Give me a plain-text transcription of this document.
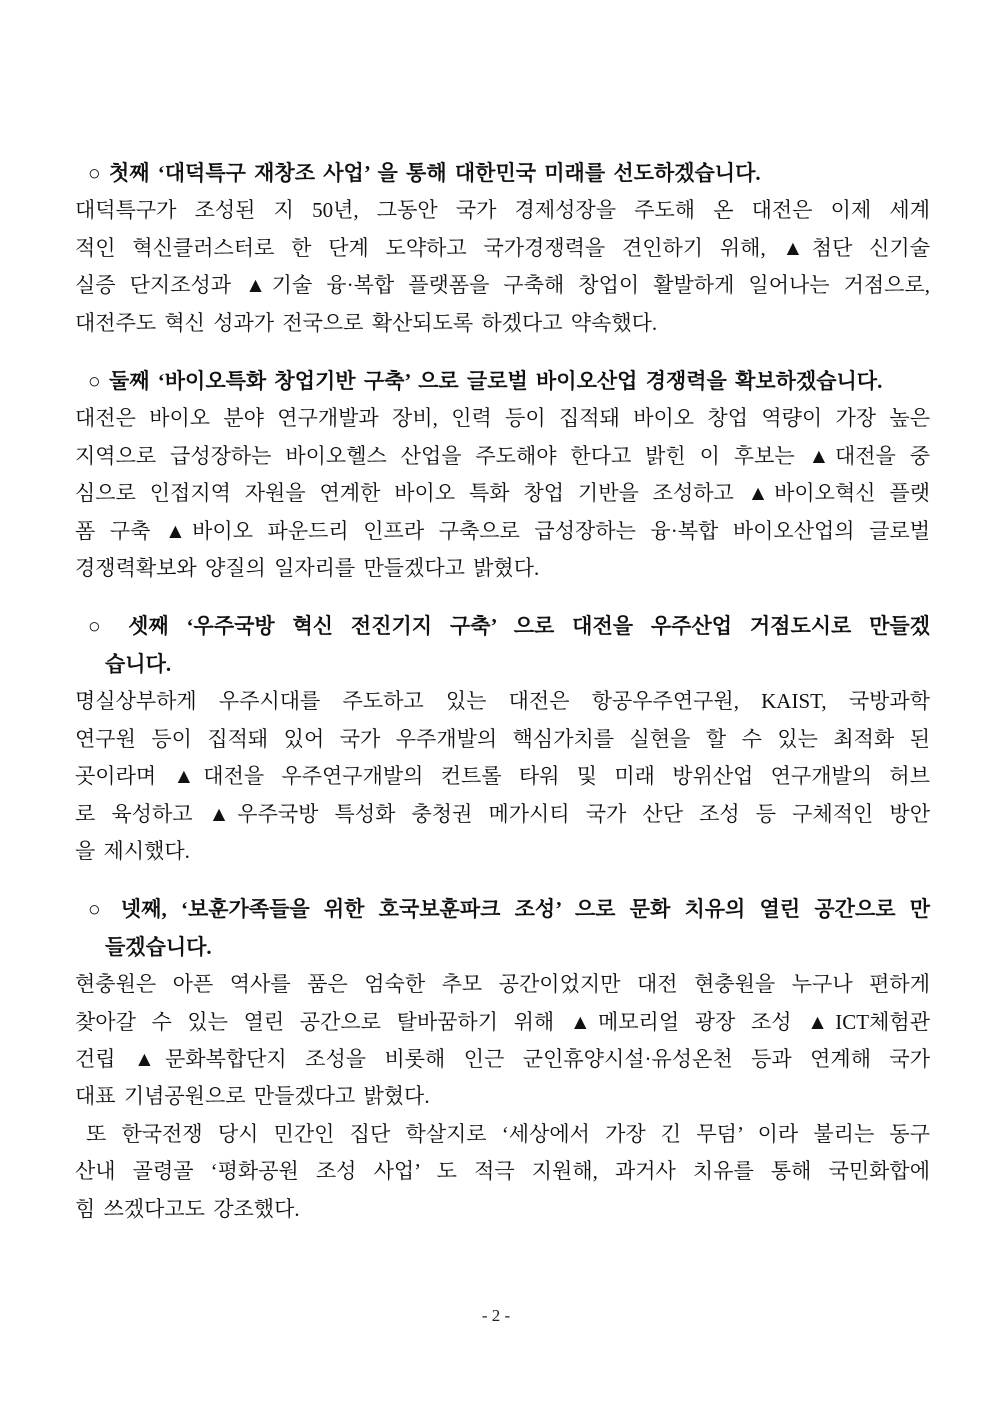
○ 첫째 ‘대덕특구 재창조 사업’ 을 통해 대한민국 미래를 선도하겠습니다.
대덕특구가 조성된 지 50년, 그동안 국가 경제성장을 주도해 온 대전은 이제 세계
적인 혁신클러스터로 한 단계 도약하고 국가경쟁력을 견인하기 위해, ▲첨단 신기술
실증 단지조성과 ▲기술 융·복합 플랫폼을 구축해 창업이 활발하게 일어나는 거점으로,
대전주도 혁신 성과가 전국으로 확산되도록 하겠다고 약속했다.
○ 둘째 ‘바이오특화 창업기반 구축’ 으로 글로벌 바이오산업 경쟁력을 확보하겠습니다.
대전은 바이오 분야 연구개발과 장비, 인력 등이 집적돼 바이오 창업 역량이 가장 높은
지역으로 급성장하는 바이오헬스 산업을 주도해야 한다고 밝힌 이 후보는 ▲대전을 중
심으로 인접지역 자원을 연계한 바이오 특화 창업 기반을 조성하고 ▲바이오혁신 플랫
폼 구축 ▲바이오 파운드리 인프라 구축으로 급성장하는 융·복합 바이오산업의 글로벌
경쟁력확보와 양질의 일자리를 만들겠다고 밝혔다.
○ 셋째 ‘우주국방 혁신 전진기지 구축’ 으로 대전을 우주산업 거점도시로 만들겠
습니다.
명실상부하게 우주시대를 주도하고 있는 대전은 항공우주연구원, KAIST, 국방과학
연구원 등이 집적돼 있어 국가 우주개발의 핵심가치를 실현을 할 수 있는 최적화 된
곳이라며 ▲대전을 우주연구개발의 컨트롤 타워 및 미래 방위산업 연구개발의 허브
로 육성하고 ▲우주국방 특성화 충청권 메가시티 국가 산단 조성 등 구체적인 방안
을 제시했다.
○ 넷째, ‘보훈가족들을 위한 호국보훈파크 조성’ 으로 문화 치유의 열린 공간으로 만
들겠습니다.
현충원은 아픈 역사를 품은 엄숙한 추모 공간이었지만 대전 현충원을 누구나 편하게
찾아갈 수 있는 열린 공간으로 탈바꿈하기 위해 ▲메모리얼 광장 조성 ▲ICT체험관
건립 ▲문화복합단지 조성을 비롯해 인근 군인휴양시설·유성온천 등과 연계해 국가
대표 기념공원으로 만들겠다고 밝혔다.
또 한국전쟁 당시 민간인 집단 학살지로 ‘세상에서 가장 긴 무덤’ 이라 불리는 동구
산내 골령골 ‘평화공원 조성 사업’ 도 적극 지원해, 과거사 치유를 통해 국민화합에
힘 쓰겠다고도 강조했다.
- 2 -
